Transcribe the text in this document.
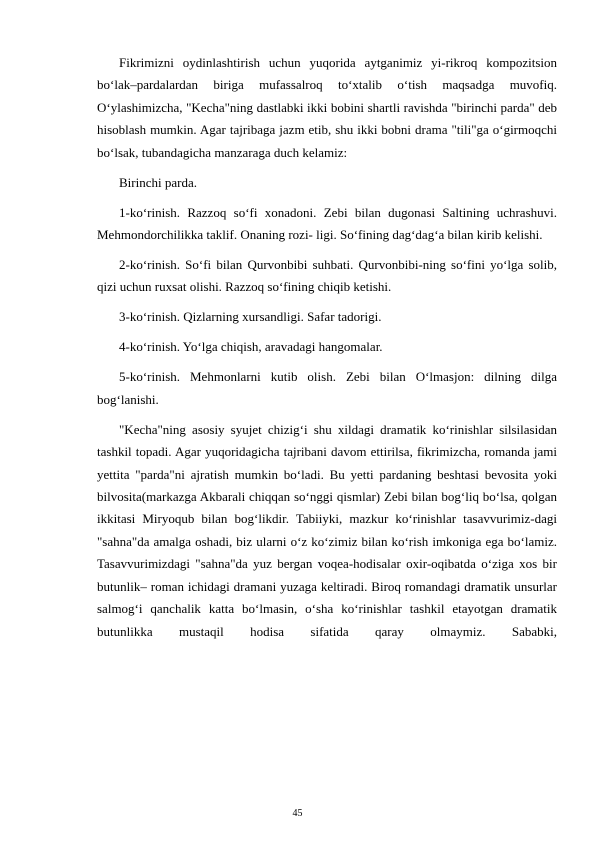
Fikrimizni oydinlashtirish uchun yuqorida aytganimiz yi-rikroq kompozitsion bo‘lak–pardalardan biriga mufassalroq to‘xtalib o‘tish maqsadga muvofiq. O‘ylashimizcha, "Kecha"ning dastlabki ikki bobini shartli ravishda "birinchi parda" deb hisoblash mumkin. Agar tajribaga jazm etib, shu ikki bobni drama "tili"ga o‘girmoqchi bo‘lsak, tubandagicha manzaraga duch kelamiz:

Birinchi parda.

1-ko‘rinish. Razzoq so‘fi xonadoni. Zebi bilan dugonasi Saltining uchrashuvi. Mehmondorchilikka taklif. Onaning rozi- ligi. So‘fining dag‘dag‘a bilan kirib kelishi.

2-ko‘rinish. So‘fi bilan Qurvonbibi suhbati. Qurvonbibi-ning so‘fini yo‘lga solib, qizi uchun ruxsat olishi. Razzoq so‘fining chiqib ketishi.

3-ko‘rinish. Qizlarning xursandligi. Safar tadorigi.

4-ko‘rinish. Yo‘lga chiqish, aravadagi hangomalar.

5-ko‘rinish. Mehmonlarni kutib olish. Zebi bilan O‘lmasjon: dilning dilga bog‘lanishi.

"Kecha"ning asosiy syujet chizig‘i shu xildagi dramatik ko‘rinishlar silsilasidan tashkil topadi. Agar yuqoridagicha tajribani davom ettirilsa, fikrimizcha, romanda jami yettita "parda"ni ajratish mumkin bo‘ladi. Bu yetti pardaning beshtasi bevosita yoki bilvosita(markazga Akbarali chiqqan so‘nggi qismlar) Zebi bilan bog‘liq bo‘lsa, qolgan ikkitasi Miryoqub bilan bog‘likdir. Tabiiyki, mazkur ko‘rinishlar tasavvurimiz-dagi "sahna"da amalga oshadi, biz ularni o‘z ko‘zimiz bilan ko‘rish imkoniga ega bo‘lamiz. Tasavvurimizdagi "sahna"da yuz bergan voqea-hodisalar oxir-oqibatda o‘ziga xos bir butunlik– roman ichidagi dramani yuzaga keltiradi. Biroq romandagi dramatik unsurlar salmog‘i qanchalik katta bo‘lmasin, o‘sha ko‘rinishlar tashkil etayotgan dramatik butunlikka mustaqil hodisa sifatida qaray olmaymiz. Sababki,

45
